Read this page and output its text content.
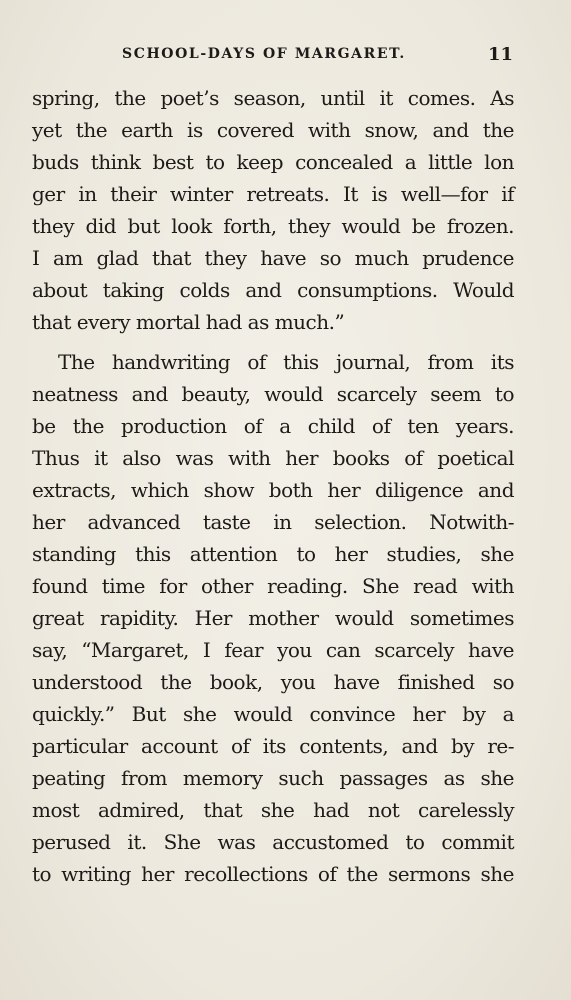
SCHOOL-DAYS OF MARGARET.	11
spring, the poet’s season, until it comes. As
yet the earth is covered with snow, and the
buds think best to keep concealed a little lon
ger in their winter retreats. It is well—for if
they did but look forth, they would be frozen.
I am glad that they have so much prudence
about taking colds and consumptions. Would
that every mortal had as much.”
The handwriting of this journal, from its
neatness and beauty, would scarcely seem to
be the production of a child of ten years.
Thus it also was with her books of poetical
extracts, which show both her diligence and
her advanced taste in selection. Notwith-
standing this attention to her studies, she
found time for other reading. She read with
great rapidity. Her mother would sometimes
say, “Margaret, I fear you can scarcely have
understood the book, you have finished so
quickly.” But she would convince her by a
particular account of its contents, and by re-
peating from memory such passages as she
most admired, that she had not carelessly
perused it. She was accustomed to commit
to writing her recollections of the sermons she
